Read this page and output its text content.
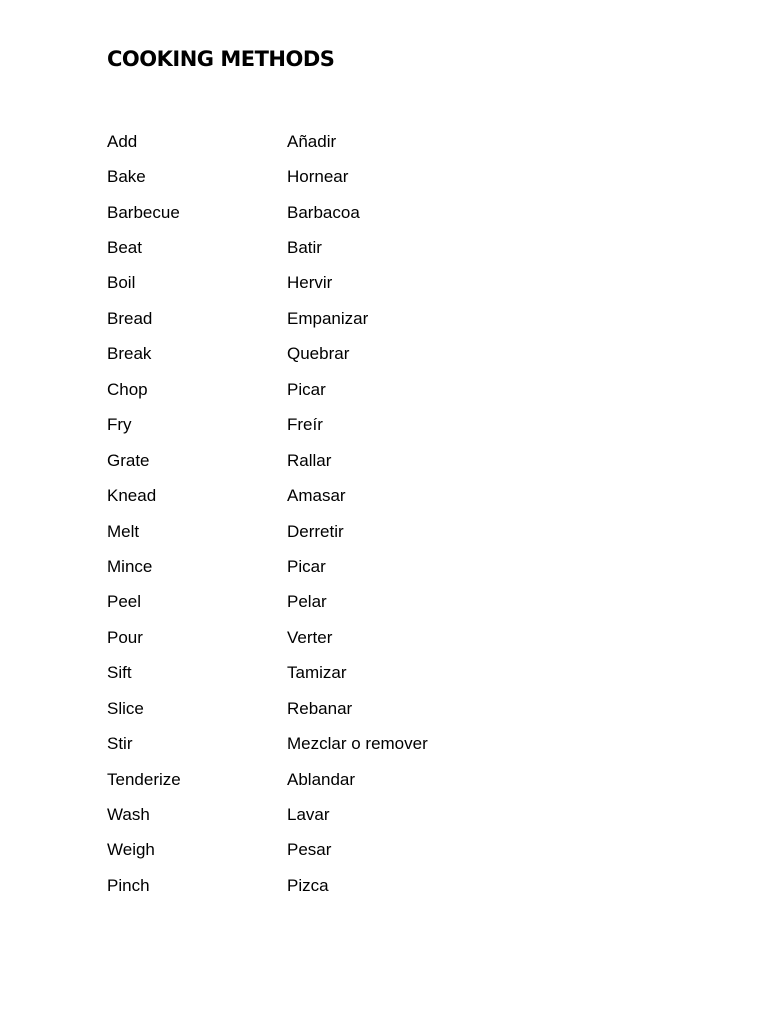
COOKING METHODS
Add	Añadir
Bake	Hornear
Barbecue	Barbacoa
Beat	Batir
Boil	Hervir
Bread	Empanizar
Break	Quebrar
Chop	Picar
Fry	Freír
Grate	Rallar
Knead	Amasar
Melt	Derretir
Mince	Picar
Peel	Pelar
Pour	Verter
Sift	Tamizar
Slice	Rebanar
Stir	Mezclar o remover
Tenderize	Ablandar
Wash	Lavar
Weigh	Pesar
Pinch	Pizca
